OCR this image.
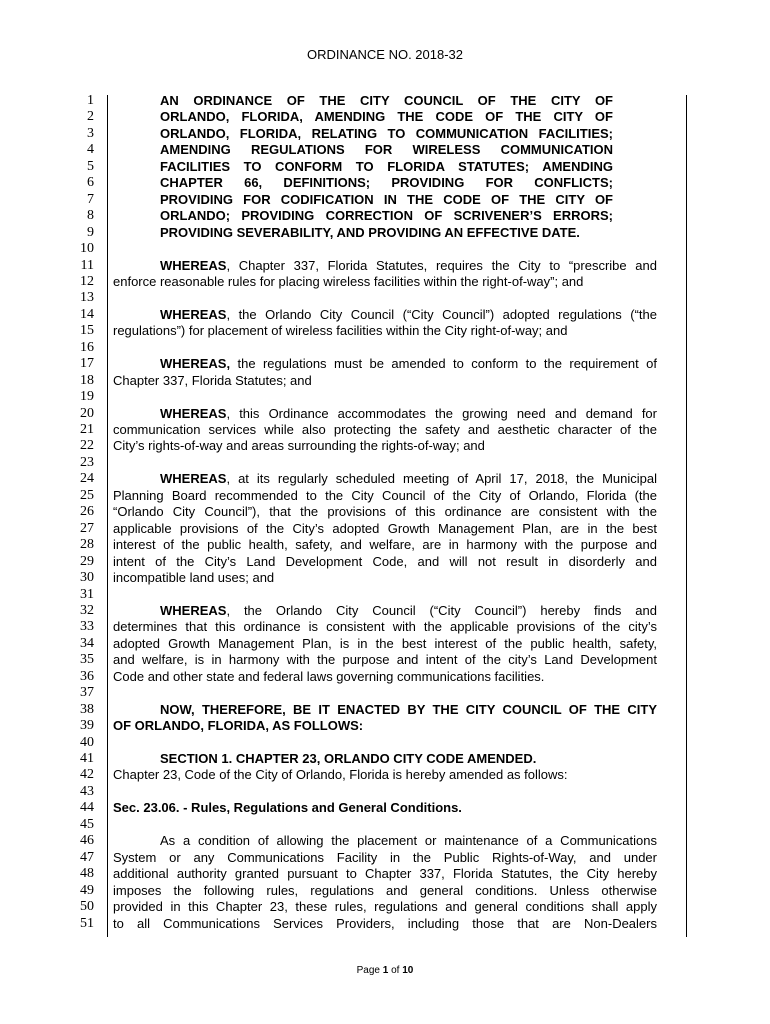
ORDINANCE NO. 2018-32
1	AN ORDINANCE OF THE CITY COUNCIL OF THE CITY OF
2	ORLANDO, FLORIDA, AMENDING THE CODE OF THE CITY OF
3	ORLANDO, FLORIDA, RELATING TO COMMUNICATION FACILITIES;
4	AMENDING REGULATIONS FOR WIRELESS COMMUNICATION
5	FACILITIES TO CONFORM TO FLORIDA STATUTES; AMENDING
6	CHAPTER 66, DEFINITIONS; PROVIDING FOR CONFLICTS;
7	PROVIDING FOR CODIFICATION IN THE CODE OF THE CITY OF
8	ORLANDO; PROVIDING CORRECTION OF SCRIVENER’S ERRORS;
9	PROVIDING SEVERABILITY, AND PROVIDING AN EFFECTIVE DATE.
10
11	WHEREAS, Chapter 337, Florida Statutes, requires the City to “prescribe and
12 enforce reasonable rules for placing wireless facilities within the right-of-way”; and
13
14	WHEREAS, the Orlando City Council (“City Council”) adopted regulations (“the
15 regulations”) for placement of wireless facilities within the City right-of-way; and
16
17	WHEREAS, the regulations must be amended to conform to the requirement of
18 Chapter 337, Florida Statutes; and
19
20	WHEREAS, this Ordinance accommodates the growing need and demand for
21 communication services while also protecting the safety and aesthetic character of the
22 City’s rights-of-way and areas surrounding the rights-of-way; and
23
24	WHEREAS, at its regularly scheduled meeting of April 17, 2018, the Municipal
25 Planning Board recommended to the City Council of the City of Orlando, Florida (the
26 “Orlando City Council”), that the provisions of this ordinance are consistent with the
27 applicable provisions of the City’s adopted Growth Management Plan, are in the best
28 interest of the public health, safety, and welfare, are in harmony with the purpose and
29 intent of the City’s Land Development Code, and will not result in disorderly and
30 incompatible land uses; and
31
32	WHEREAS, the Orlando City Council (“City Council”) hereby finds and
33 determines that this ordinance is consistent with the applicable provisions of the city’s
34 adopted Growth Management Plan, is in the best interest of the public health, safety,
35 and welfare, is in harmony with the purpose and intent of the city’s Land Development
36 Code and other state and federal laws governing communications facilities.
37
38	NOW, THEREFORE, BE IT ENACTED BY THE CITY COUNCIL OF THE CITY
39 OF ORLANDO, FLORIDA, AS FOLLOWS:
40
41	SECTION 1. CHAPTER 23, ORLANDO CITY CODE AMENDED.
42 Chapter 23, Code of the City of Orlando, Florida is hereby amended as follows:
43
44 Sec. 23.06. - Rules, Regulations and General Conditions.
45
46	As a condition of allowing the placement or maintenance of a Communications
47 System or any Communications Facility in the Public Rights-of-Way, and under
48 additional authority granted pursuant to Chapter 337, Florida Statutes, the City hereby
49 imposes the following rules, regulations and general conditions. Unless otherwise
50 provided in this Chapter 23, these rules, regulations and general conditions shall apply
51 to all Communications Services Providers, including those that are Non-Dealers
Page 1 of 10
